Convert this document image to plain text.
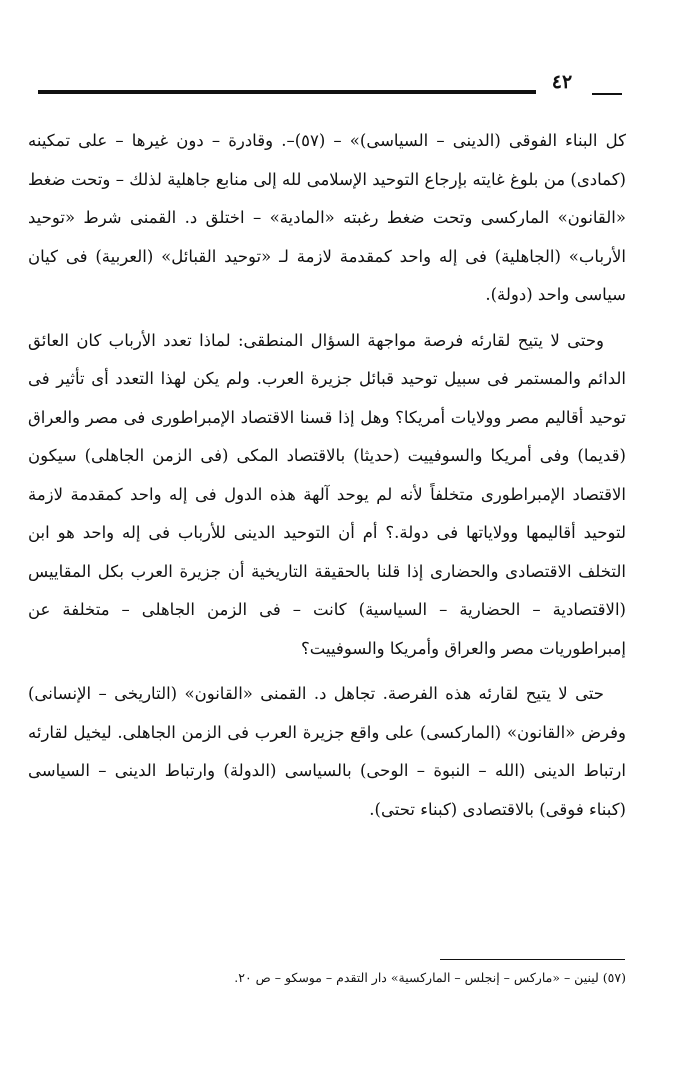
٤٢

كل البناء الفوقى (الدينى – السياسى)» – (٥٧)–. وقادرة – دون غيرها – على تمكينه (كمادى) من بلوغ غايته بإرجاع التوحيد الإسلامى لله إلى منابع جاهلية لذلك – وتحت ضغط «القانون» الماركسى وتحت ضغط رغبته «المادية» – اختلق د. القمنى شرط «توحيد الأرباب» (الجاهلية) فى إله واحد كمقدمة لازمة لـ «توحيد القبائل» (العربية) فى كيان سياسى واحد (دولة).

وحتى لا يتيح لقارئه فرصة مواجهة السؤال المنطقى: لماذا تعدد الأرباب كان العائق الدائم والمستمر فى سبيل توحيد قبائل جزيرة العرب. ولم يكن لهذا التعدد أى تأثير فى توحيد أقاليم مصر وولايات أمريكا؟ وهل إذا قسنا الاقتصاد الإمبراطورى فى مصر والعراق (قديما) وفى أمريكا والسوفييت (حديثا) بالاقتصاد المكى (فى الزمن الجاهلى) سيكون الاقتصاد الإمبراطورى متخلفاً لأنه لم يوحد آلهة هذه الدول فى إله واحد كمقدمة لازمة لتوحيد أقاليمها وولاياتها فى دولة.؟ أم أن التوحيد الدينى للأرباب فى إله واحد هو ابن التخلف الاقتصادى والحضارى إذا قلنا بالحقيقة التاريخية أن جزيرة العرب بكل المقاييس (الاقتصادية – الحضارية – السياسية) كانت – فى الزمن الجاهلى – متخلفة عن إمبراطوريات مصر والعراق وأمريكا والسوفييت؟

حتى لا يتيح لقارئه هذه الفرصة. تجاهل د. القمنى «القانون» (التاريخى – الإنسانى) وفرض «القانون» (الماركسى) على واقع جزيرة العرب فى الزمن الجاهلى. ليخيل لقارئه ارتباط الدينى (الله – النبوة – الوحى) بالسياسى (الدولة) وارتباط الدينى – السياسى (كبناء فوقى) بالاقتصادى (كبناء تحتى).

(٥٧) لينين – «ماركس – إنجلس – الماركسية» دار التقدم – موسكو – ص ٢٠.
